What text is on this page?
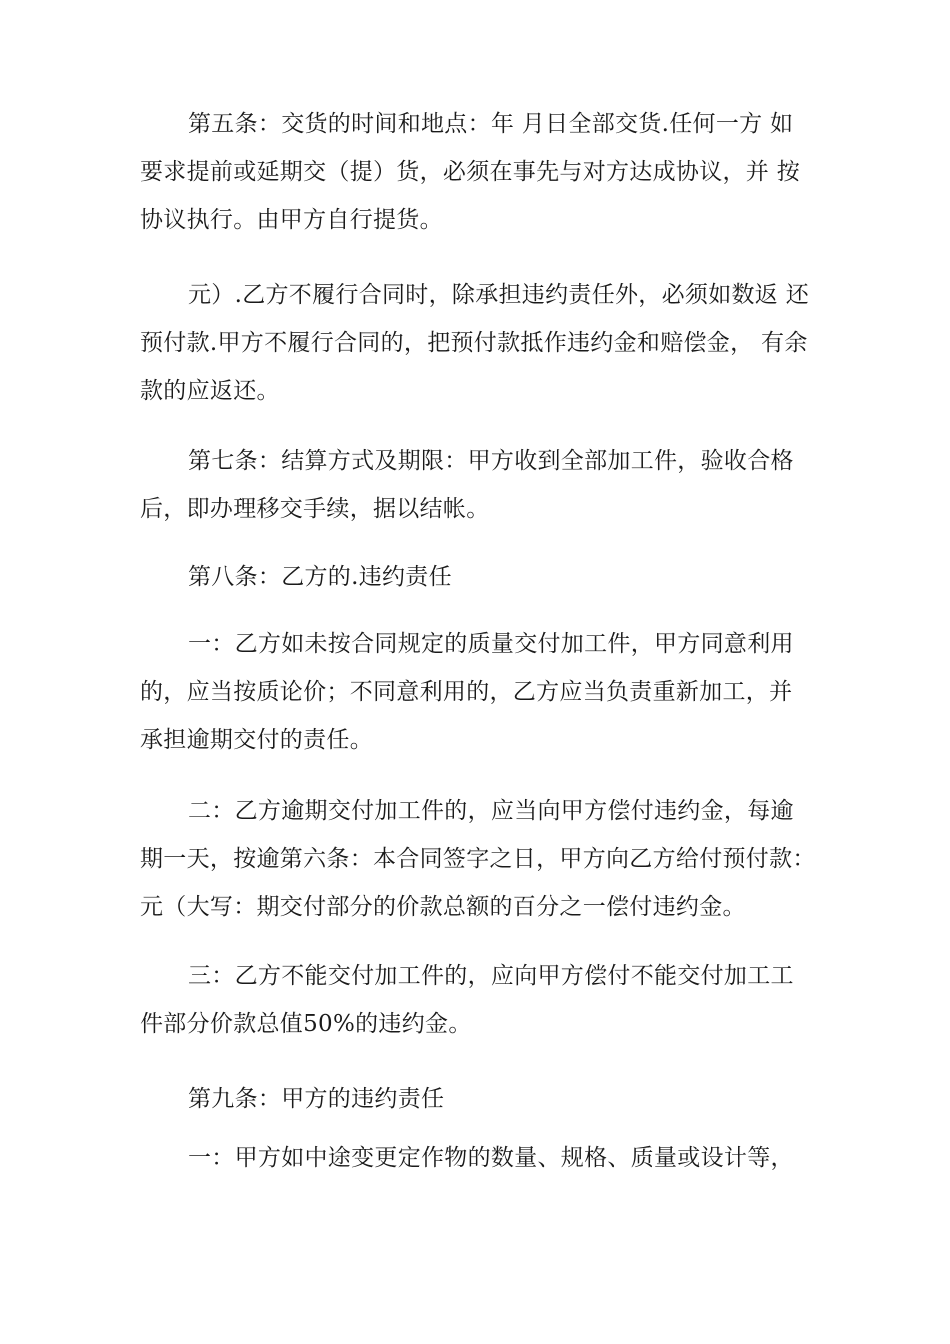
第五条：交货的时间和地点：年 月日全部交货.任何一方 如
要求提前或延期交（提）货，必须在事先与对方达成协议，并 按
协议执行。由甲方自行提货。
元）.乙方不履行合同时，除承担违约责任外，必须如数返 还
预付款.甲方不履行合同的，把预付款抵作违约金和赔偿金， 有余
款的应返还。
第七条：结算方式及期限：甲方收到全部加工件，验收合格
后，即办理移交手续，据以结帐。
第八条：乙方的.违约责任
一：乙方如未按合同规定的质量交付加工件，甲方同意利用
的，应当按质论价；不同意利用的，乙方应当负责重新加工，并
承担逾期交付的责任。
二：乙方逾期交付加工件的，应当向甲方偿付违约金，每逾
期一天，按逾第六条：本合同签字之日，甲方向乙方给付预付款：
元（大写：期交付部分的价款总额的百分之一偿付违约金。
三：乙方不能交付加工件的，应向甲方偿付不能交付加工工
件部分价款总值50%的违约金。
第九条：甲方的违约责任
一：甲方如中途变更定作物的数量、规格、质量或设计等，
